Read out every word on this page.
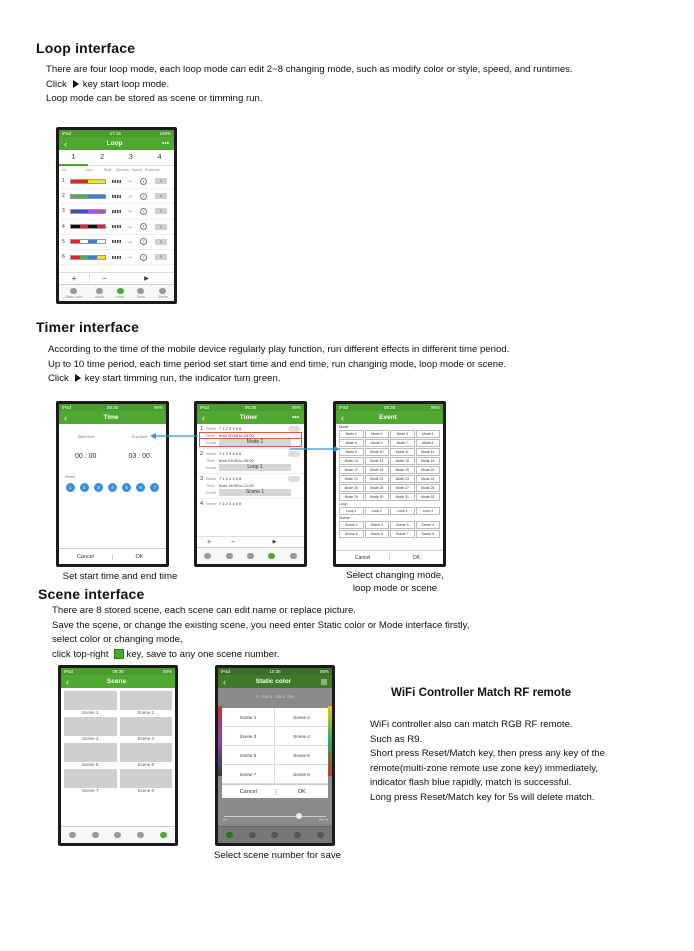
Loop interface
There are four loop mode, each loop mode can edit 2~8 changing mode, such as modify color or style, speed, and runtimes.
Click key start loop mode.
Loop mode can be stored as scene or timming run.
iPad	17:15	100%
‹	Loop	•••
1	2	3	4
No.	Color	Style	Direction Speed Runtimes
1	→	7	1
2	→	7	1
3	→	7	1
4	→	7	1
5	→	7	1
6	→	7	1
+	−	▶
Static color	Mode	Loop	Timer	Scene
Timer interface
According to the time of the mobile device regularly play function, run different effects in different time period.
Up to 10 time period, each time period set start time and end time, run changing mode, loop mode or scene.
Click key start timming run, the indicator turn green.
iPad	09:36	96%
‹	Time
Start time	End time
00 : 00	03 : 00
Week
1	2	3	4	5	6	7
Cancel	OK
iPad	09:36	55%
‹	Timer	•••
1 Week 7 1 2 3 4 5 6
Time	from 00:00 to 03:00
Event	Mode 1
2 Week 7 1 2 3 4 5 6
Time	from 03:00 to 06:00
Event	Loop 1
3 Week 7 1 2 3 4 5 6
Time	from 18:00 to 21:00
Event	Scene 1
4 Week 7 1 2 3 4 5 6
+	−	▶
iPad	09:36	96%
‹	Event
Mode
Mode 1	Mode 2	Mode 3	Mode 4
Mode 5	Mode 6	Mode 7	Mode 8
Mode 9	Mode 10	Mode 11	Mode 12
Mode 13	Mode 14	Mode 15	Mode 16
Mode 17	Mode 18	Mode 19	Mode 20
Mode 21	Mode 22	Mode 23	Mode 24
Mode 25	Mode 26	Mode 27	Mode 28
Mode 29	Mode 30	Mode 31	Mode 32
Loop
Loop 1	Loop 2	Loop 3	Loop 4
Scene
Scene 1	Scene 2	Scene 3	Scene 4
Scene 5	Scene 6	Scene 7	Scene 8
Cancel	OK
Set start time and end time	Select changing mode,
loop mode or scene
Scene interface
There are 8 stored scene, each scene can edit name or replace picture.
Save the scene, or change the existing scene, you need enter Static color or Mode interface firstly,
select color or changing mode,
click top-right key, save to any one scene number.
iPad	09:36	55%
‹	Scene
Scene 1	Scene 2
Scene 3	Scene 4
Scene 5	Scene 6
Scene 7	Scene 8
iPad	10:36	55%
‹	Static color
R: 255 G: 255 B: 255
Scene 1	Scene 2
Scene 3	Scene 4
Scene 5	Scene 6
Scene 7	Scene 8
Cancel	OK
1%	100 %
Select scene number for save
WiFi Controller Match RF remote
WiFi controller also can match RGB RF remote.
Such as R9.
Short press Reset/Match key, then press any key of the
remote(multi-zone remote use zone key) immediately,
indicator flash blue rapidly, match is successful.
Long press Reset/Match key for 5s will delete match.
